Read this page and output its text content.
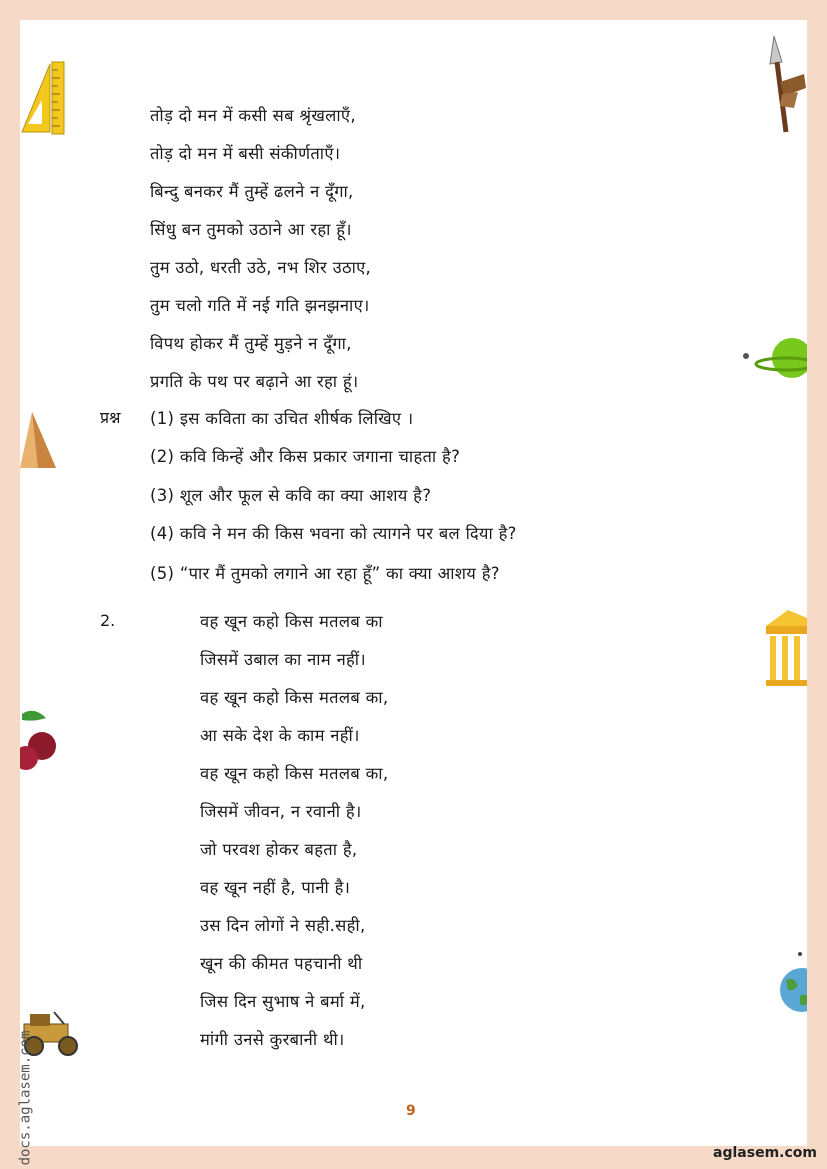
docs.aglasem.com
तोड़ दो मन में कसी सब श्रृंखलाएँ,
तोड़ दो मन में बसी संकीर्णताएँ।
बिन्दु बनकर मैं तुम्हें ढलने न दूँगा,
सिंधु बन तुमको उठाने आ रहा हूँ।
तुम उठो, धरती उठे, नभ शिर उठाए,
तुम चलो गति में नई गति झनझनाए।
विपथ होकर मैं तुम्हें मुड़ने न दूँगा,
प्रगति के पथ पर बढ़ाने आ रहा हूं।
प्रश्न (1) इस कविता का उचित शीर्षक लिखिए ।
(2) कवि किन्हें और किस प्रकार जगाना चाहता है?
(3) शूल और फूल से कवि का क्या आशय है?
(4) कवि ने मन की किस भवना को त्यागने पर बल दिया है?
(5) “पार मैं तुमको लगाने आ रहा हूँ” का क्या आशय है?
2.	वह खून कहो किस मतलब का
जिसमें उबाल का नाम नहीं।
वह खून कहो किस मतलब का,
आ सके देश के काम नहीं।
वह खून कहो किस मतलब का,
जिसमें जीवन, न रवानी है।
जो परवश होकर बहता है,
वह खून नहीं है, पानी है।
उस दिन लोगों ने सही.सही,
खून की कीमत पहचानी थी
जिस दिन सुभाष ने बर्मा में,
मांगी उनसे कुरबानी थी।
9
aglasem.com
